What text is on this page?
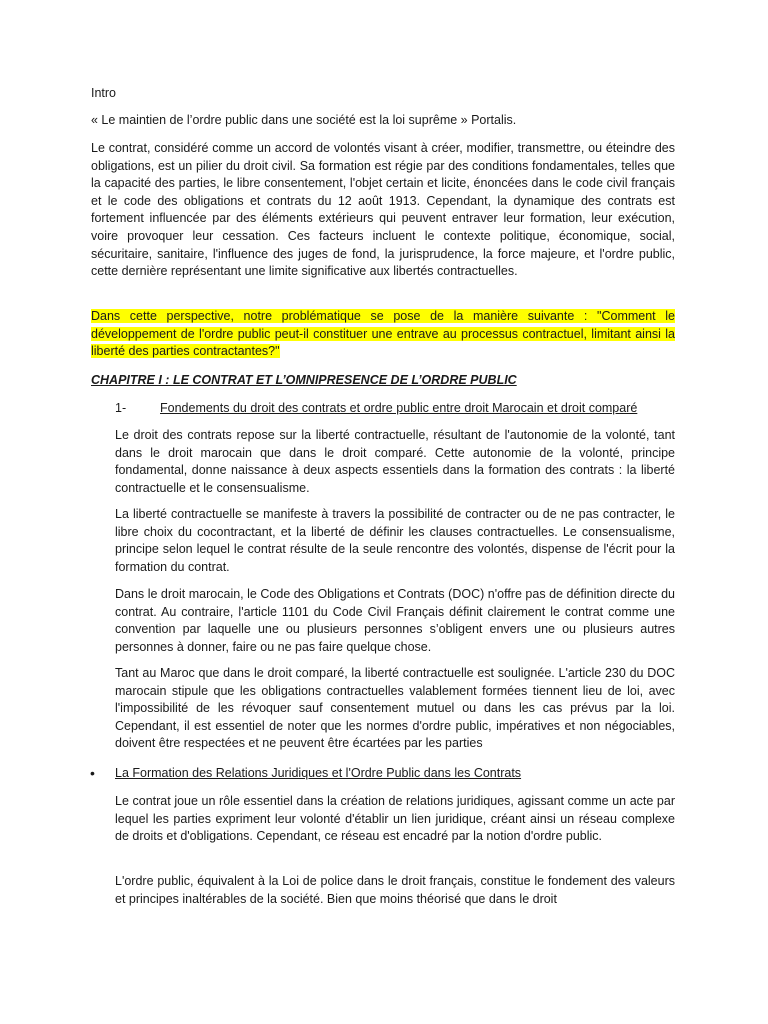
Intro

« Le maintien de l’ordre public dans une société est la loi suprême » Portalis.

Le contrat, considéré comme un accord de volontés visant à créer, modifier, transmettre, ou éteindre des obligations, est un pilier du droit civil. Sa formation est régie par des conditions fondamentales, telles que la capacité des parties, le libre consentement, l'objet certain et licite, énoncées dans le code civil français et le code des obligations et contrats du 12 août 1913. Cependant, la dynamique des contrats est fortement influencée par des éléments extérieurs qui peuvent entraver leur formation, leur exécution, voire provoquer leur cessation. Ces facteurs incluent le contexte politique, économique, social, sécuritaire, sanitaire, l'influence des juges de fond, la jurisprudence, la force majeure, et l'ordre public, cette dernière représentant une limite significative aux libertés contractuelles.

Dans cette perspective, notre problématique se pose de la manière suivante : "Comment le développement de l'ordre public peut-il constituer une entrave au processus contractuel, limitant ainsi la liberté des parties contractantes?"

CHAPITRE I : LE CONTRAT ET L’OMNIPRESENCE DE L’ORDRE PUBLIC

1-	Fondements du droit des contrats et ordre public entre droit Marocain et droit comparé

Le droit des contrats repose sur la liberté contractuelle, résultant de l'autonomie de la volonté, tant dans le droit marocain que dans le droit comparé. Cette autonomie de la volonté, principe fondamental, donne naissance à deux aspects essentiels dans la formation des contrats : la liberté contractuelle et le consensualisme.

La liberté contractuelle se manifeste à travers la possibilité de contracter ou de ne pas contracter, le libre choix du cocontractant, et la liberté de définir les clauses contractuelles. Le consensualisme, principe selon lequel le contrat résulte de la seule rencontre des volontés, dispense de l'écrit pour la formation du contrat.

Dans le droit marocain, le Code des Obligations et Contrats (DOC) n'offre pas de définition directe du contrat. Au contraire, l'article 1101 du Code Civil Français définit clairement le contrat comme une convention par laquelle une ou plusieurs personnes s’obligent envers une ou plusieurs autres personnes à donner, faire ou ne pas faire quelque chose.

Tant au Maroc que dans le droit comparé, la liberté contractuelle est soulignée. L'article 230 du DOC marocain stipule que les obligations contractuelles valablement formées tiennent lieu de loi, avec l'impossibilité de les révoquer sauf consentement mutuel ou dans les cas prévus par la loi. Cependant, il est essentiel de noter que les normes d'ordre public, impératives et non négociables, doivent être respectées et ne peuvent être écartées par les parties

• La Formation des Relations Juridiques et l'Ordre Public dans les Contrats

Le contrat joue un rôle essentiel dans la création de relations juridiques, agissant comme un acte par lequel les parties expriment leur volonté d'établir un lien juridique, créant ainsi un réseau complexe de droits et d'obligations. Cependant, ce réseau est encadré par la notion d'ordre public.

L'ordre public, équivalent à la Loi de police dans le droit français, constitue le fondement des valeurs et principes inaltérables de la société. Bien que moins théorisé que dans le droit
